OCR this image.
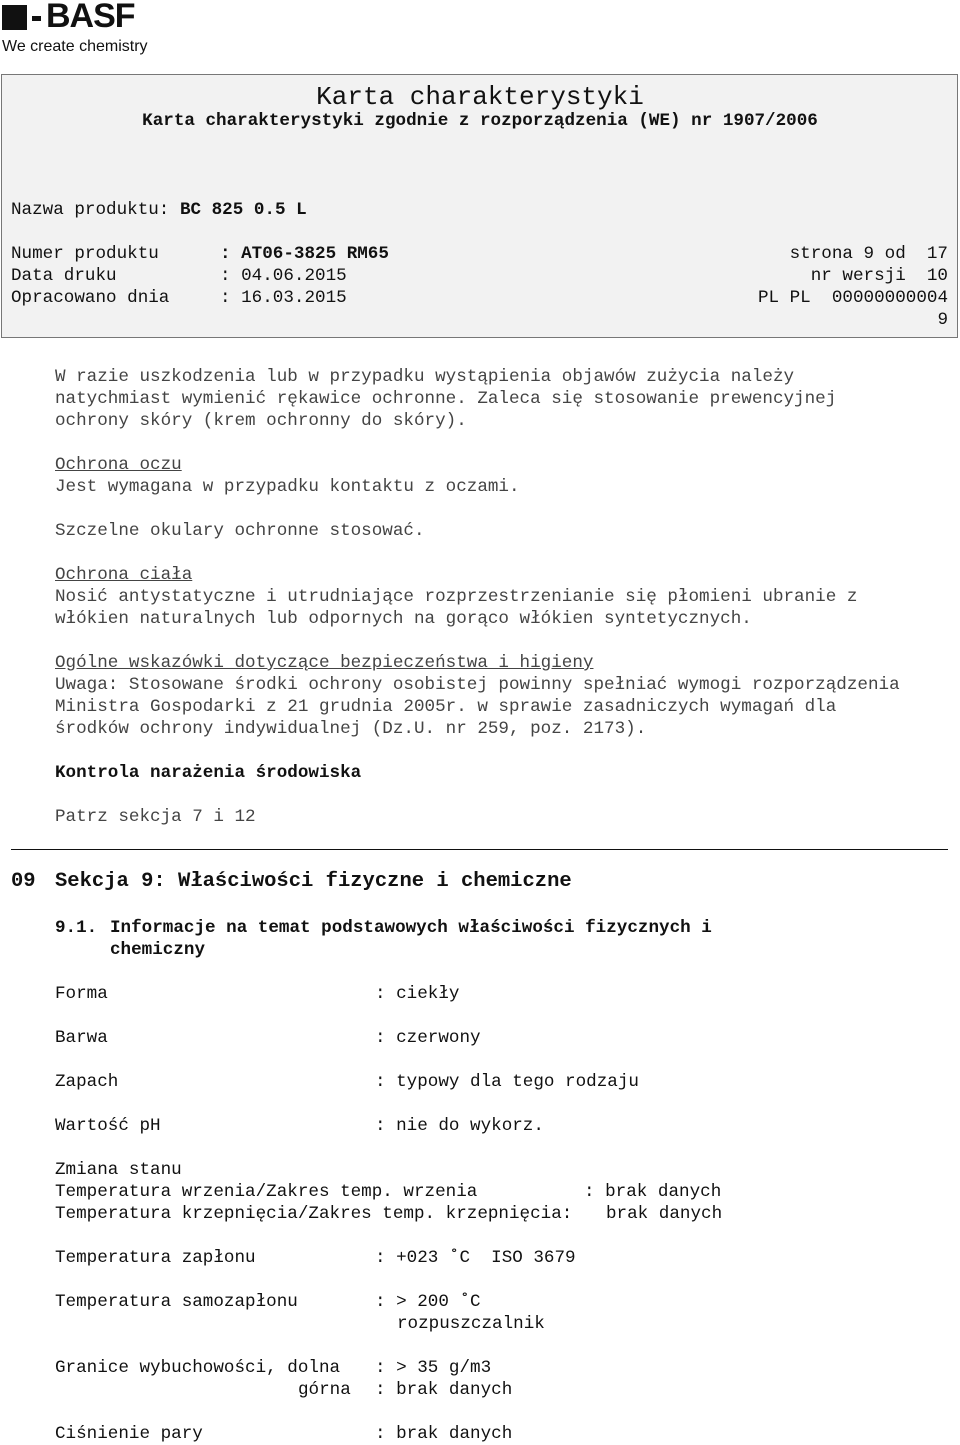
BASF
We create chemistry
Karta charakterystyki
Karta charakterystyki zgodnie z rozporządzenia (WE) nr 1907/2006
Nazwa produktu: BC 825 0.5 L
Numer produktu	: AT06-3825 RM65	strona 9 od  17
Data druku	: 04.06.2015	nr wersji  10
Opracowano dnia	: 16.03.2015	PL PL  00000000004
9
W razie uszkodzenia lub w przypadku wystąpienia objawów zużycia należy
natychmiast wymienić rękawice ochronne. Zaleca się stosowanie prewencyjnej
ochrony skóry (krem ochronny do skóry).
Ochrona oczu
Jest wymagana w przypadku kontaktu z oczami.
Szczelne okulary ochronne stosować.
Ochrona ciała
Nosić antystatyczne i utrudniające rozprzestrzenianie się płomieni ubranie z
włókien naturalnych lub odpornych na gorąco włókien syntetycznych.
Ogólne wskazówki dotyczące bezpieczeństwa i higieny
Uwaga: Stosowane środki ochrony osobistej powinny spełniać wymogi rozporządzenia
Ministra Gospodarki z 21 grudnia 2005r. w sprawie zasadniczych wymagań dla
środków ochrony indywidualnej (Dz.U. nr 259, poz. 2173).
Kontrola narażenia środowiska
Patrz sekcja 7 i 12
09 Sekcja 9: Właściwości fizyczne i chemiczne
9.1. Informacje na temat podstawowych właściwości fizycznych i
chemiczny
Forma	: ciekły
Barwa	: czerwony
Zapach	: typowy dla tego rodzaju
Wartość pH	: nie do wykorz.
Zmiana stanu
Temperatura wrzenia/Zakres temp. wrzenia	: brak danych
Temperatura krzepnięcia/Zakres temp. krzepnięcia: brak danych
Temperatura zapłonu	: +023 ˚C  ISO 3679
Temperatura samozapłonu	: > 200 ˚C
rozpuszczalnik
Granice wybuchowości, dolna : > 35 g/m3
górna : brak danych
Ciśnienie pary	: brak danych
